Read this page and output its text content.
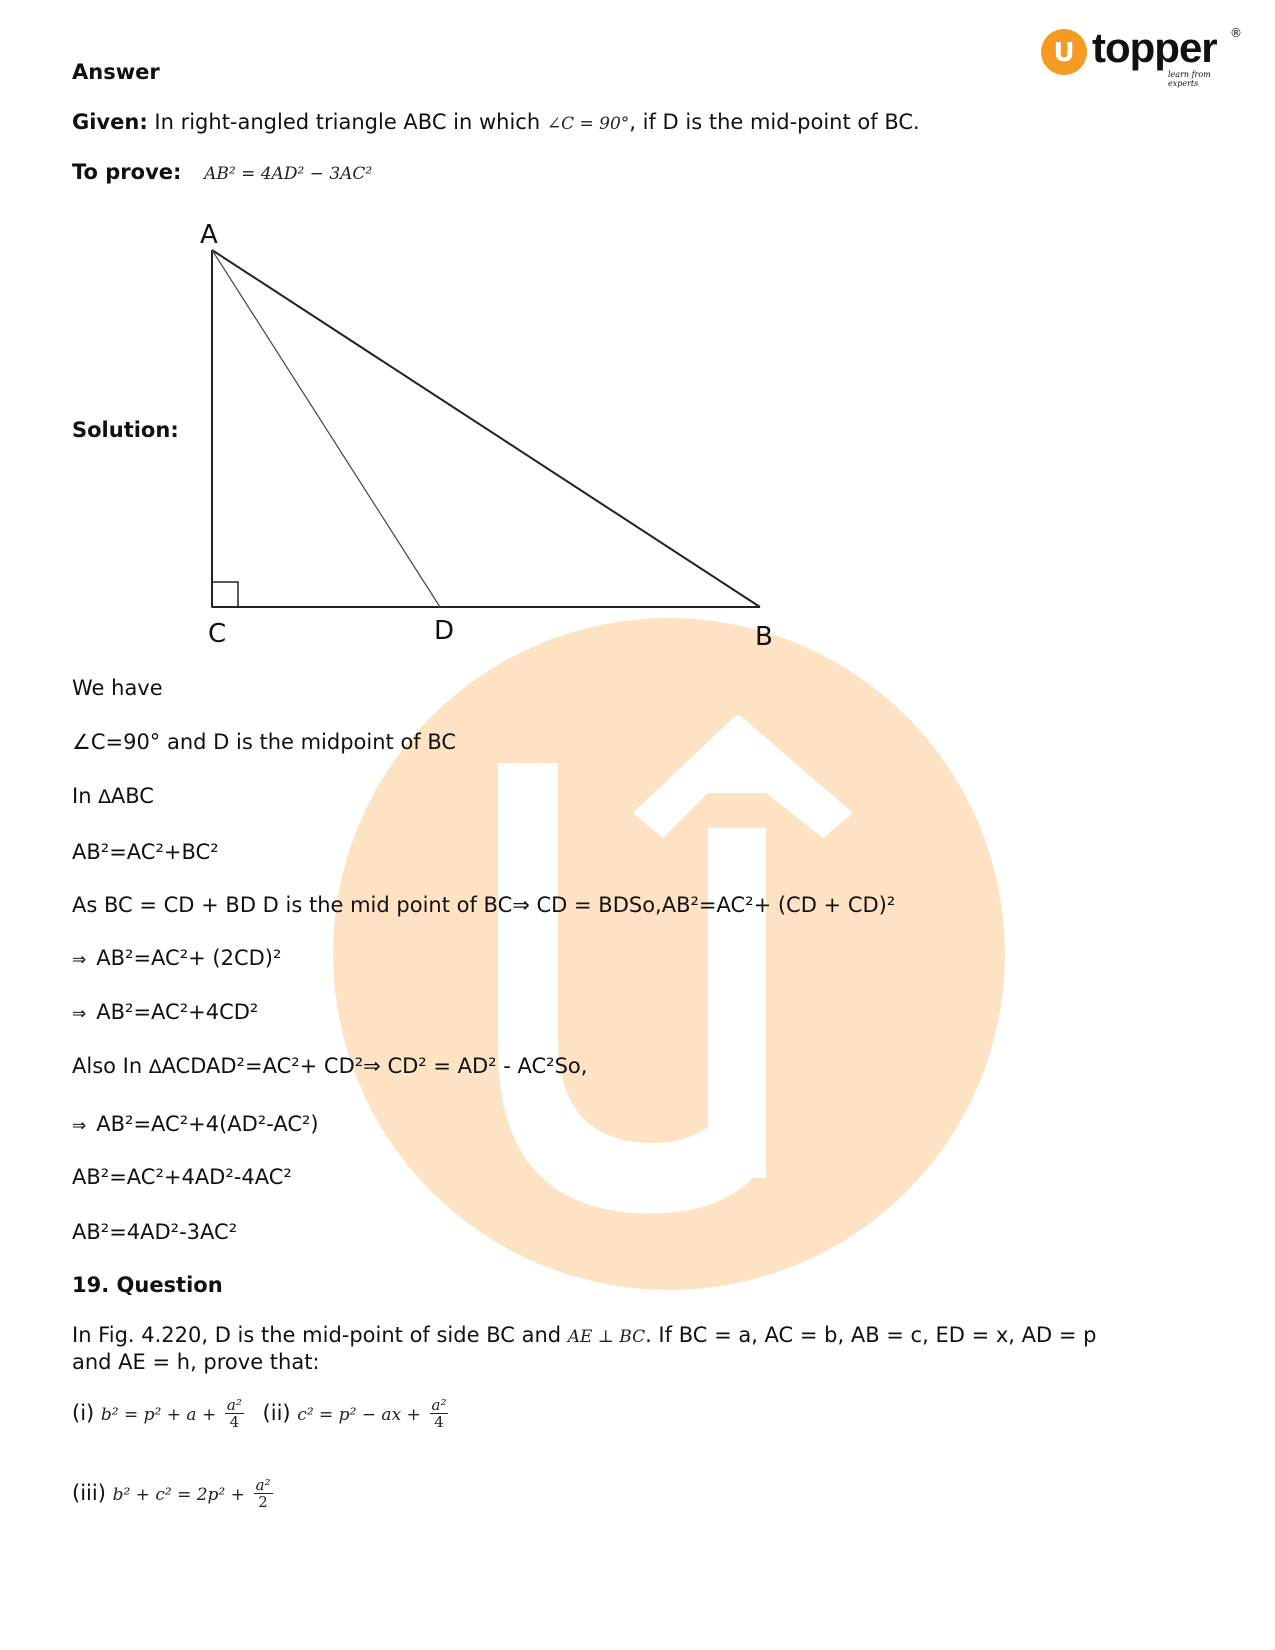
U topper ®
learn from experts
Answer
Given: In right-angled triangle ABC in which ∠C = 90°, if D is the mid-point of BC.
To prove: AB² = 4AD² − 3AC²
Solution:
A
C	D	B
We have
∠C=90° and D is the midpoint of BC
In ∆ABC
AB²=AC²+BC²
As BC = CD + BD D is the mid point of BC⇒ CD = BDSo,AB²=AC²+ (CD + CD)²
⇒ AB²=AC²+ (2CD)²
⇒ AB²=AC²+4CD²
Also In ∆ACDAD²=AC²+ CD²⇒ CD² = AD² - AC²So,
⇒ AB²=AC²+4(AD²-AC²)
AB²=AC²+4AD²-4AC²
AB²=4AD²-3AC²
19. Question
In Fig. 4.220, D is the mid-point of side BC and AE ⊥ BC. If BC = a, AC = b, AB = c, ED = x, AD = p
and AE = h, prove that:
(i) $b^2 = p^2 + a + \frac{\text{a²}}{4} (ii) c^2 = p^2$ − ax + $\frac{\text{a²}}{4}$
(iii) $b^2 + c^2 = 2p^2 + \frac{\text{a²}}{2}$
